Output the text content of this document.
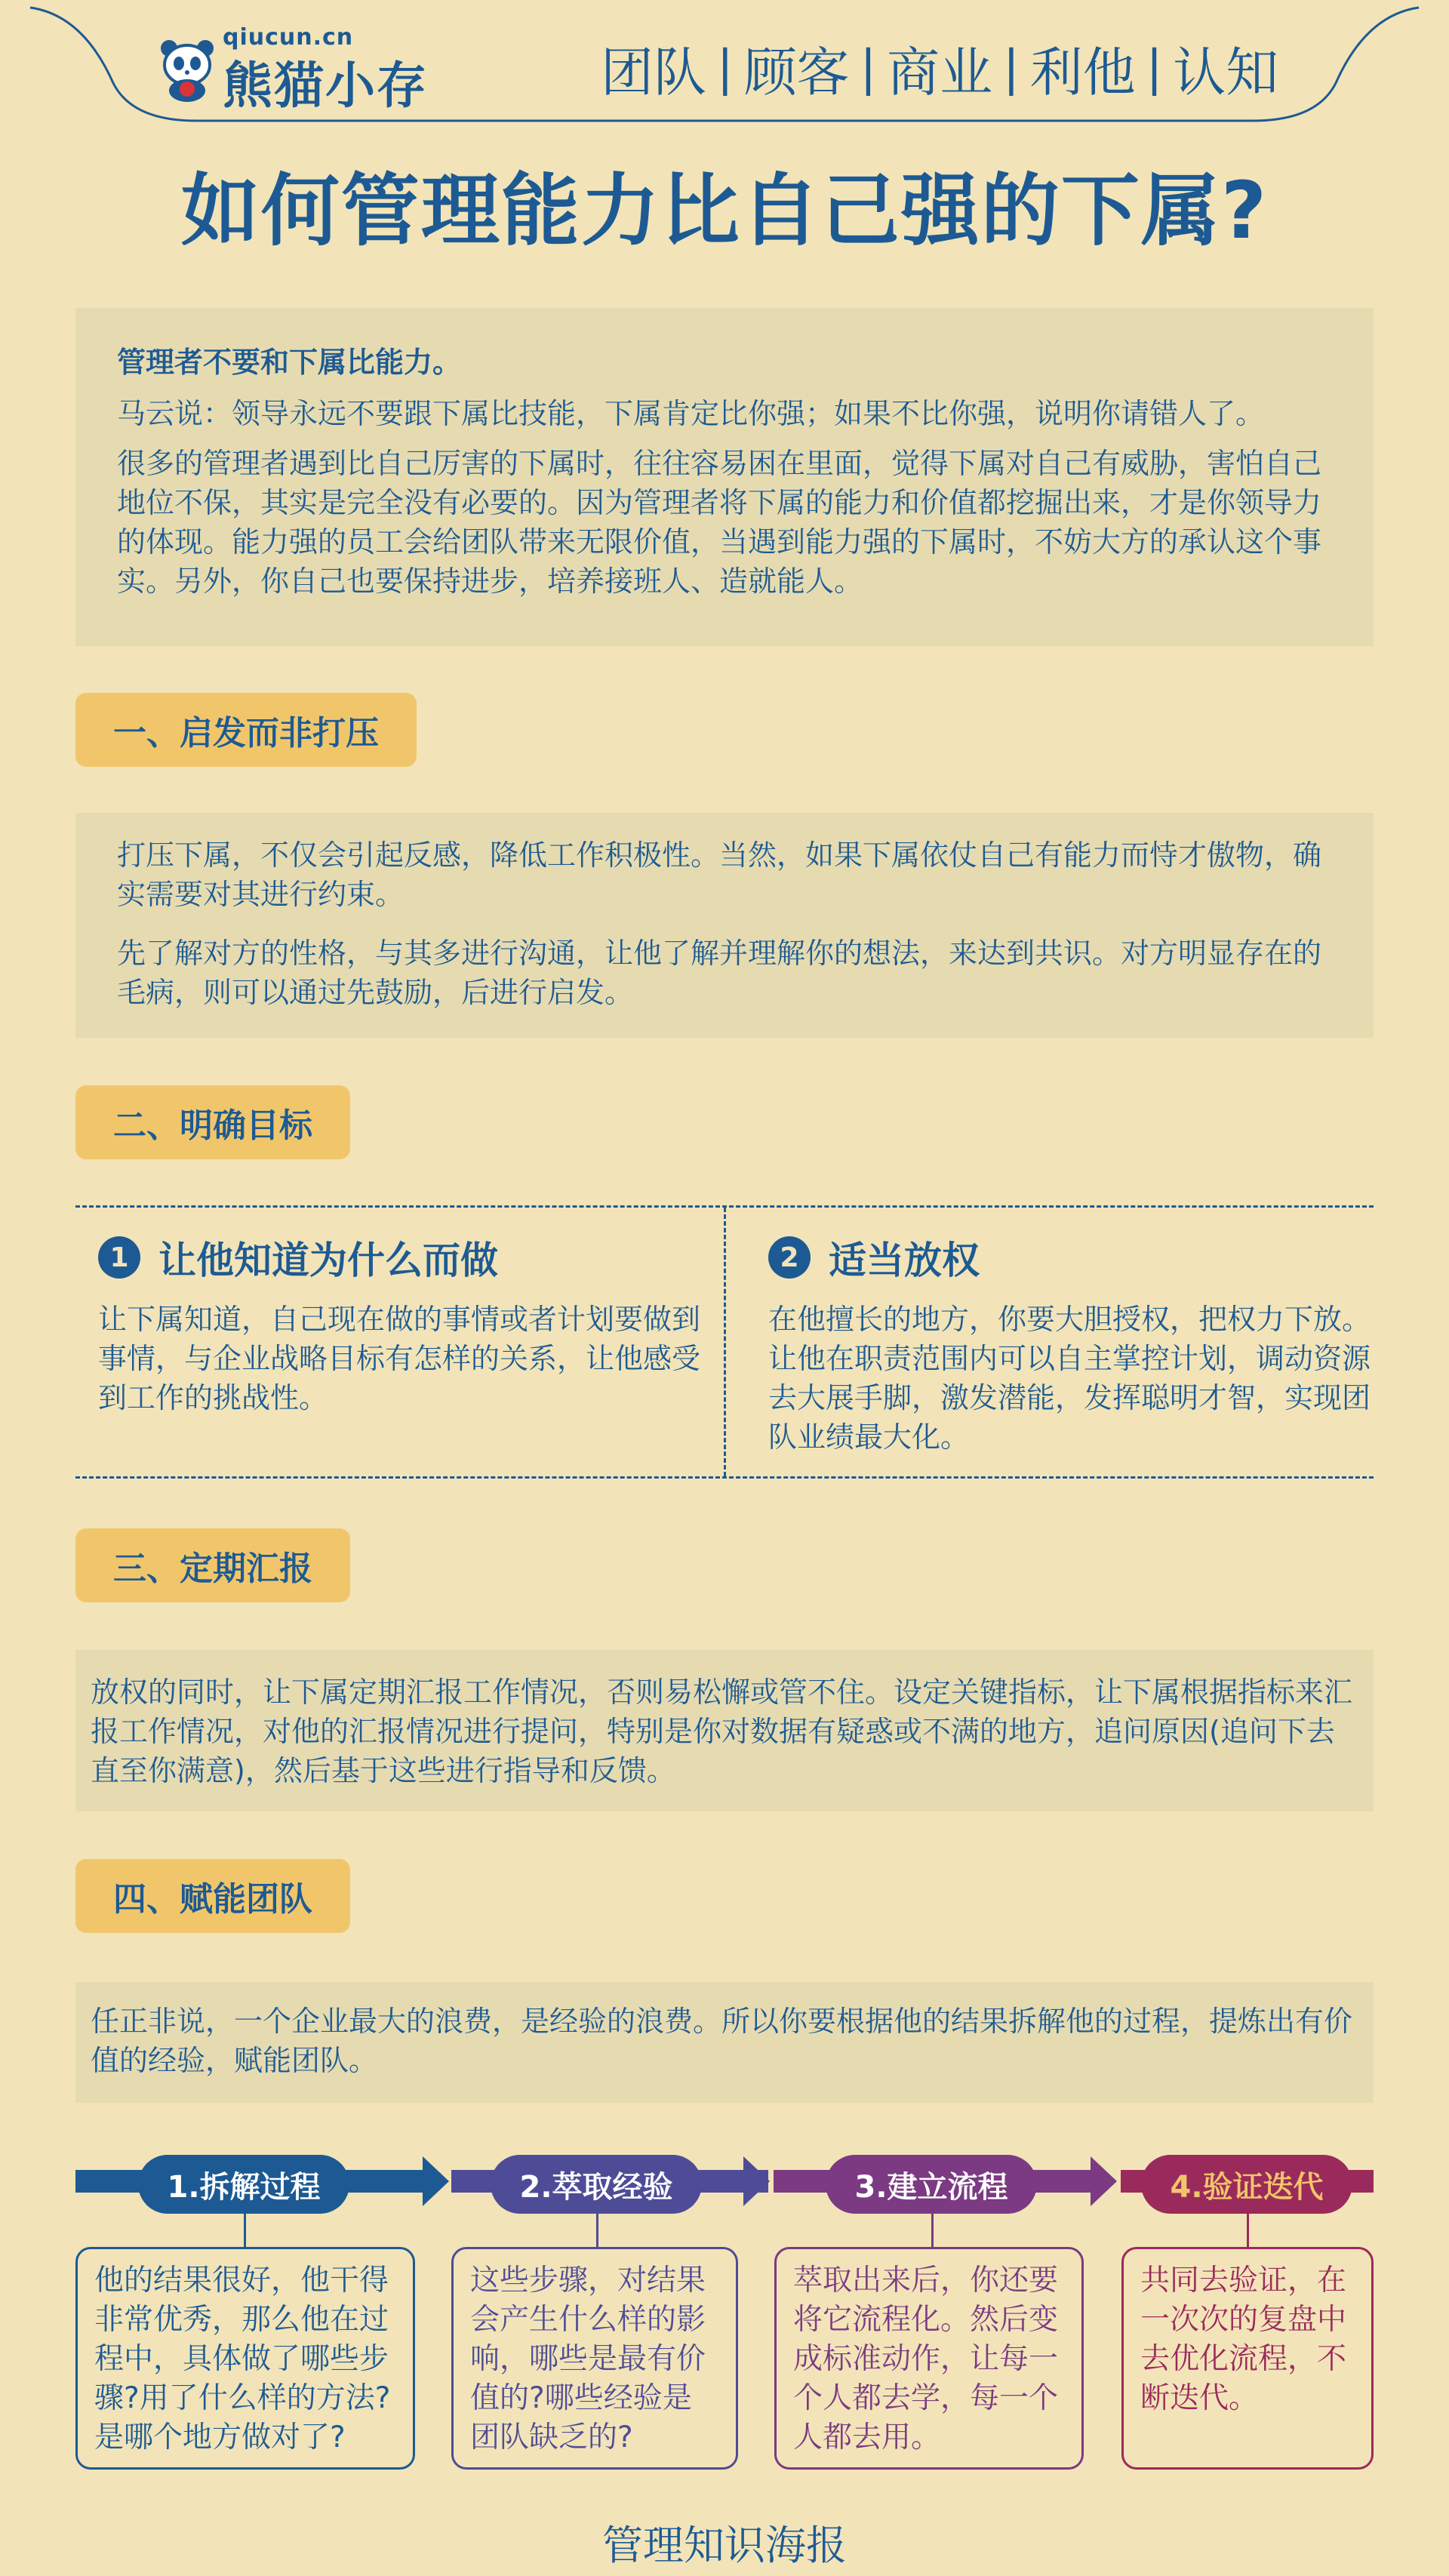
qiucun.cn
熊猫小存	团队 | 顾客 | 商业 | 利他 | 认知
如何管理能力比自己强的下属?

管理者不要和下属比能力。

马云说：领导永远不要跟下属比技能，下属肯定比你强；如果不比你强，说明你请错人了。

很多的管理者遇到比自己厉害的下属时，往往容易困在里面，觉得下属对自己有威胁，害怕自己地位不保，其实是完全没有必要的。因为管理者将下属的能力和价值都挖掘出来，才是你领导力的体现。能力强的员工会给团队带来无限价值，当遇到能力强的下属时，不妨大方的承认这个事实。另外，你自己也要保持进步，培养接班人、造就能人。

一、启发而非打压

打压下属，不仅会引起反感，降低工作积极性。当然，如果下属依仗自己有能力而恃才傲物，确实需要对其进行约束。

先了解对方的性格，与其多进行沟通，让他了解并理解你的想法，来达到共识。对方明显存在的毛病，则可以通过先鼓励，后进行启发。

二、明确目标
1 让他知道为什么而做

让下属知道，自己现在做的事情或者计划要做到事情，与企业战略目标有怎样的关系，让他感受到工作的挑战性。

2 适当放权

在他擅长的地方，你要大胆授权，把权力下放。让他在职责范围内可以自主掌控计划，调动资源去大展手脚，激发潜能，发挥聪明才智，实现团队业绩最大化。

三、定期汇报

放权的同时，让下属定期汇报工作情况，否则易松懈或管不住。设定关键指标，让下属根据指标来汇报工作情况，对他的汇报情况进行提问，特别是你对数据有疑惑或不满的地方，追问原因(追问下去直至你满意)，然后基于这些进行指导和反馈。

四、赋能团队

任正非说，一个企业最大的浪费，是经验的浪费。所以你要根据他的结果拆解他的过程，提炼出有价值的经验，赋能团队。

1.拆解过程	2.萃取经验	3.建立流程	4.验证迭代
他的结果很好，他干得非常优秀，那么他在过程中，具体做了哪些步骤?用了什么样的方法?是哪个地方做对了?
这些步骤，对结果会产生什么样的影响，哪些是最有价值的?哪些经验是团队缺乏的?
萃取出来后，你还要将它流程化。然后变成标准动作，让每一个人都去学，每一个人都去用。
共同去验证，在一次次的复盘中去优化流程，不断迭代。
管理知识海报
